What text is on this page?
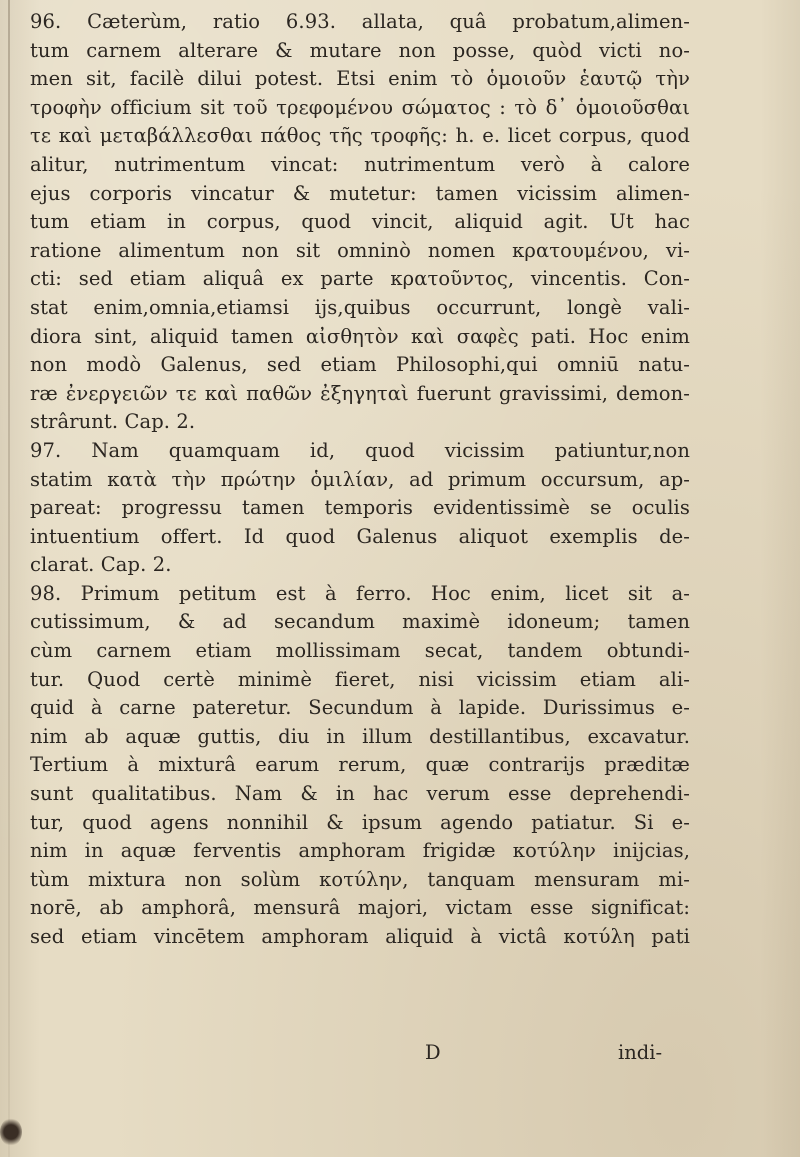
96. Cæterùm, ratio 6.93. allata, quâ probatum,alimen-
tum carnem alterare & mutare non posse, quòd victi no-
men sit, facilè dilui potest. Etsi enim τὸ ὁμοιοῦν ἑαυτῷ τὴν
τροφὴν officium sit τοῦ τρεφομένου σώματος : τὸ δ᾽ ὁμοιοῦσθαι
τε καὶ μεταβάλλεσθαι πάθος τῆς τροφῆς: h. e. licet corpus, quod
alitur, nutrimentum vincat: nutrimentum verò à calore
ejus corporis vincatur & mutetur: tamen vicissim alimen-
tum etiam in corpus, quod vincit, aliquid agit. Ut hac
ratione alimentum non sit omninò nomen κρατουμένου, vi-
cti: sed etiam aliquâ ex parte κρατοῦντος, vincentis. Con-
stat enim,omnia,etiamsi ijs,quibus occurrunt, longè vali-
diora sint, aliquid tamen αἰσθητὸν καὶ σαφὲς pati. Hoc enim
non modò Galenus, sed etiam Philosophi,qui omniū natu-
ræ ἐνεργειῶν τε καὶ παθῶν ἐξηγηταὶ fuerunt gravissimi, demon-
strârunt. Cap. 2.
97. Nam quamquam id, quod vicissim patiuntur,non
statim κατὰ τὴν πρώτην ὁμιλίαν, ad primum occursum, ap-
pareat: progressu tamen temporis evidentissimè se oculis
intuentium offert. Id quod Galenus aliquot exemplis de-
clarat. Cap. 2.
98. Primum petitum est à ferro. Hoc enim, licet sit a-
cutissimum, & ad secandum maximè idoneum; tamen
cùm carnem etiam mollissimam secat, tandem obtundi-
tur. Quod certè minimè fieret, nisi vicissim etiam ali-
quid à carne pateretur. Secundum à lapide. Durissimus e-
nim ab aquæ guttis, diu in illum destillantibus, excavatur.
Tertium à mixturâ earum rerum, quæ contrarijs præditæ
sunt qualitatibus. Nam & in hac verum esse deprehendi-
tur, quod agens nonnihil & ipsum agendo patiatur. Si e-
nim in aquæ ferventis amphoram frigidæ κοτύλην inijcias,
tùm mixtura non solùm κοτύλην, tanquam mensuram mi-
norē, ab amphorâ, mensurâ majori, victam esse significat:
sed etiam vincētem amphoram aliquid à victâ κοτύλη pati
D	indi-
